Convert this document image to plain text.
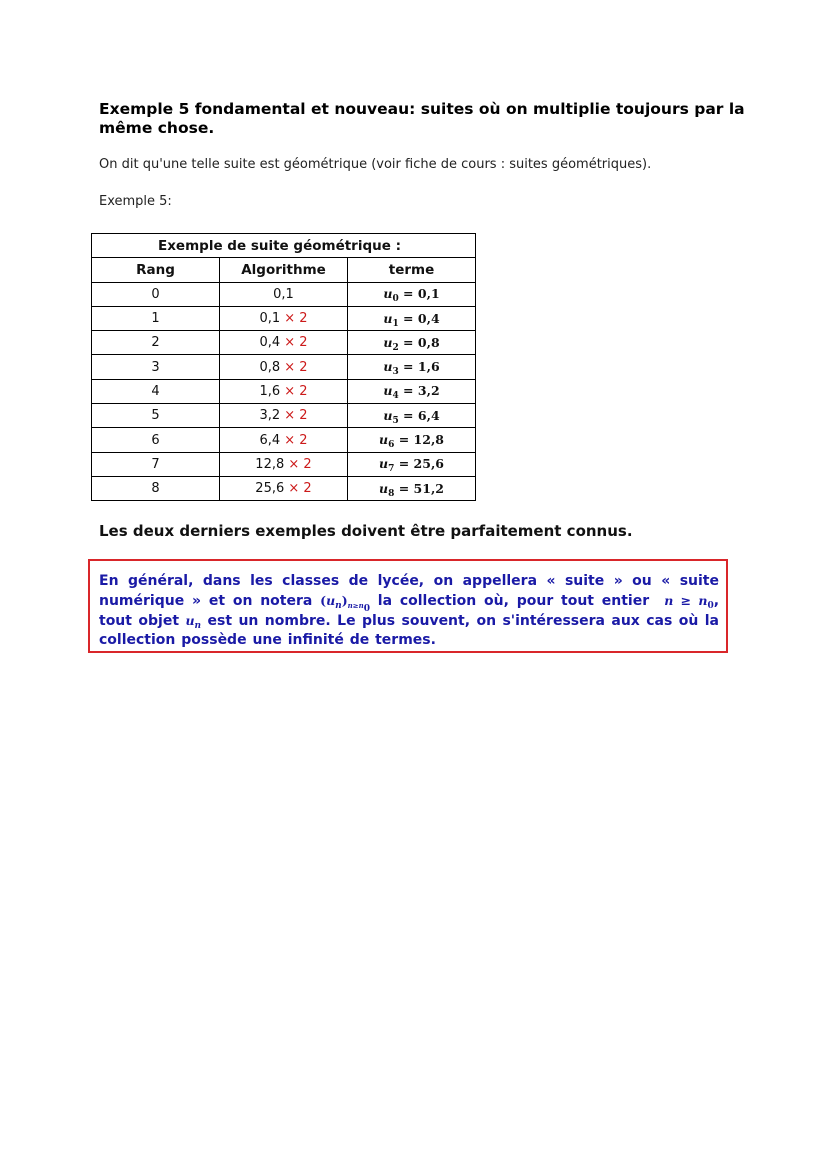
Exemple 5 fondamental et nouveau: suites où on multiplie toujours par la même chose.
On dit qu'une telle suite est géométrique (voir fiche de cours : suites géométriques).
Exemple 5:
Exemple de suite géométrique :		
Rang	Algorithme	terme
0	0,1	$u_0 = 0,1$
1	0,1 × 2	$u_1 = 0,4$
2	0,4 × 2	$u_2 = 0,8$
3	0,8 × 2	$u_3 = 1,6$
4	1,6 × 2	$u_4 = 3,2$
5	3,2 × 2	$u_5 = 6,4$
6	6,4 × 2	$u_6 = 12,8$
7	12,8 × 2	$u_7 = 25,6$
8	25,6 × 2	$u_8 = 51,2$
Les deux derniers exemples doivent être parfaitement connus.
En général, dans les classes de lycée, on appellera « suite » ou « suite numérique » et on notera $(u_n)_{n\ge n_0}$ la collection où, pour tout entier $n \ge n_0$, tout objet $u_n$ est un nombre. Le plus souvent, on s'intéressera aux cas où la collection possède une infinité de termes.
